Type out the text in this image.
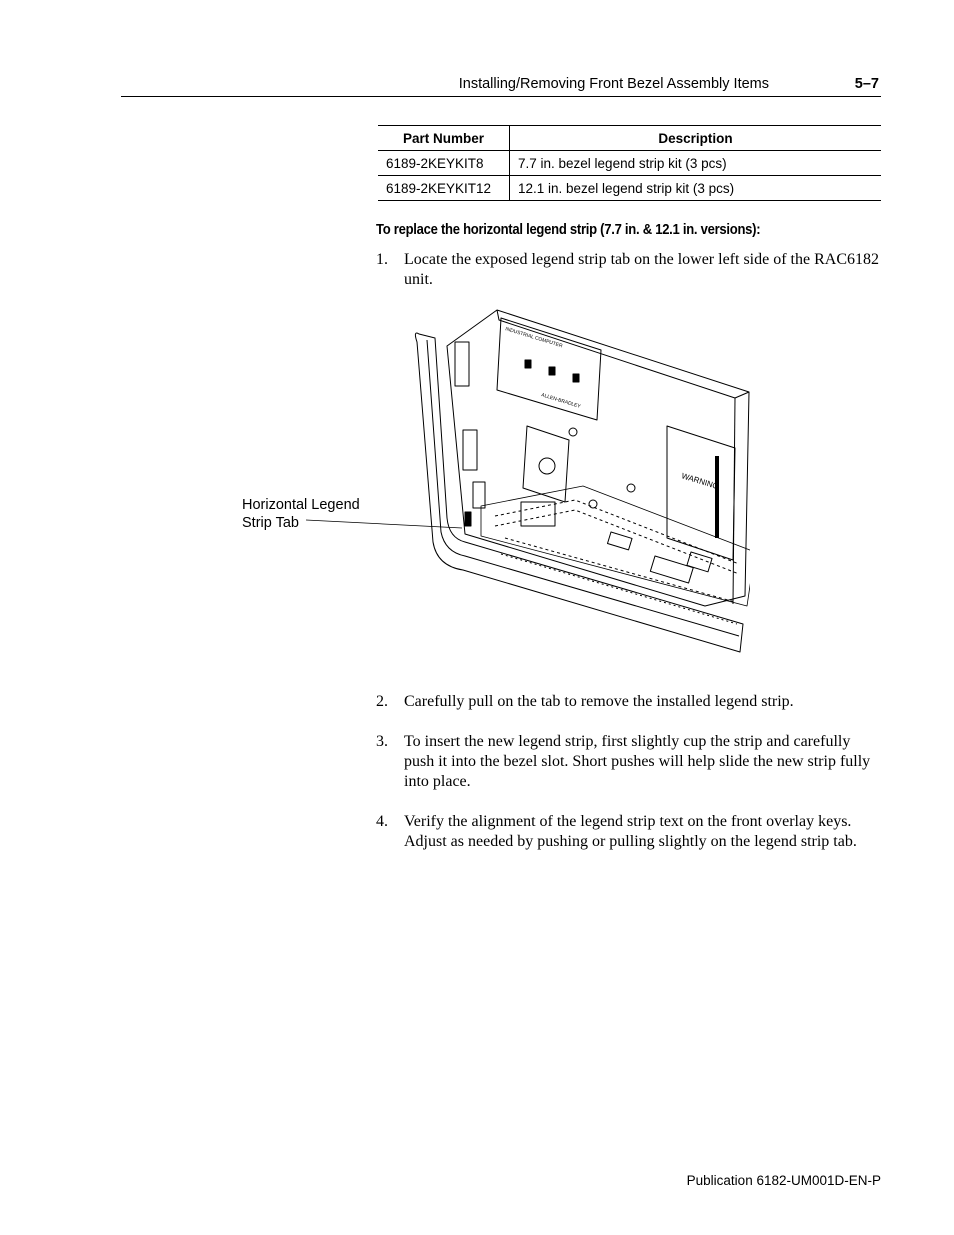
Installing/Removing Front Bezel Assembly Items	5–7
Part Number	Description
6189-2KEYKIT8	7.7 in. bezel legend strip kit (3 pcs)
6189-2KEYKIT12	12.1 in. bezel legend strip kit (3 pcs)
To replace the horizontal legend strip (7.7 in. & 12.1 in. versions):
1. Locate the exposed legend strip tab on the lower left side of the RAC6182 unit.
INDUSTRIAL COMPUTER
ALLEN-BRADLEY
WARNING
Horizontal Legend
Strip Tab
2. Carefully pull on the tab to remove the installed legend strip.
3. To insert the new legend strip, first slightly cup the strip and carefully push it into the bezel slot. Short pushes will help slide the new strip fully into place.
4. Verify the alignment of the legend strip text on the front overlay keys. Adjust as needed by pushing or pulling slightly on the legend strip tab.
Publication 6182-UM001D-EN-P
